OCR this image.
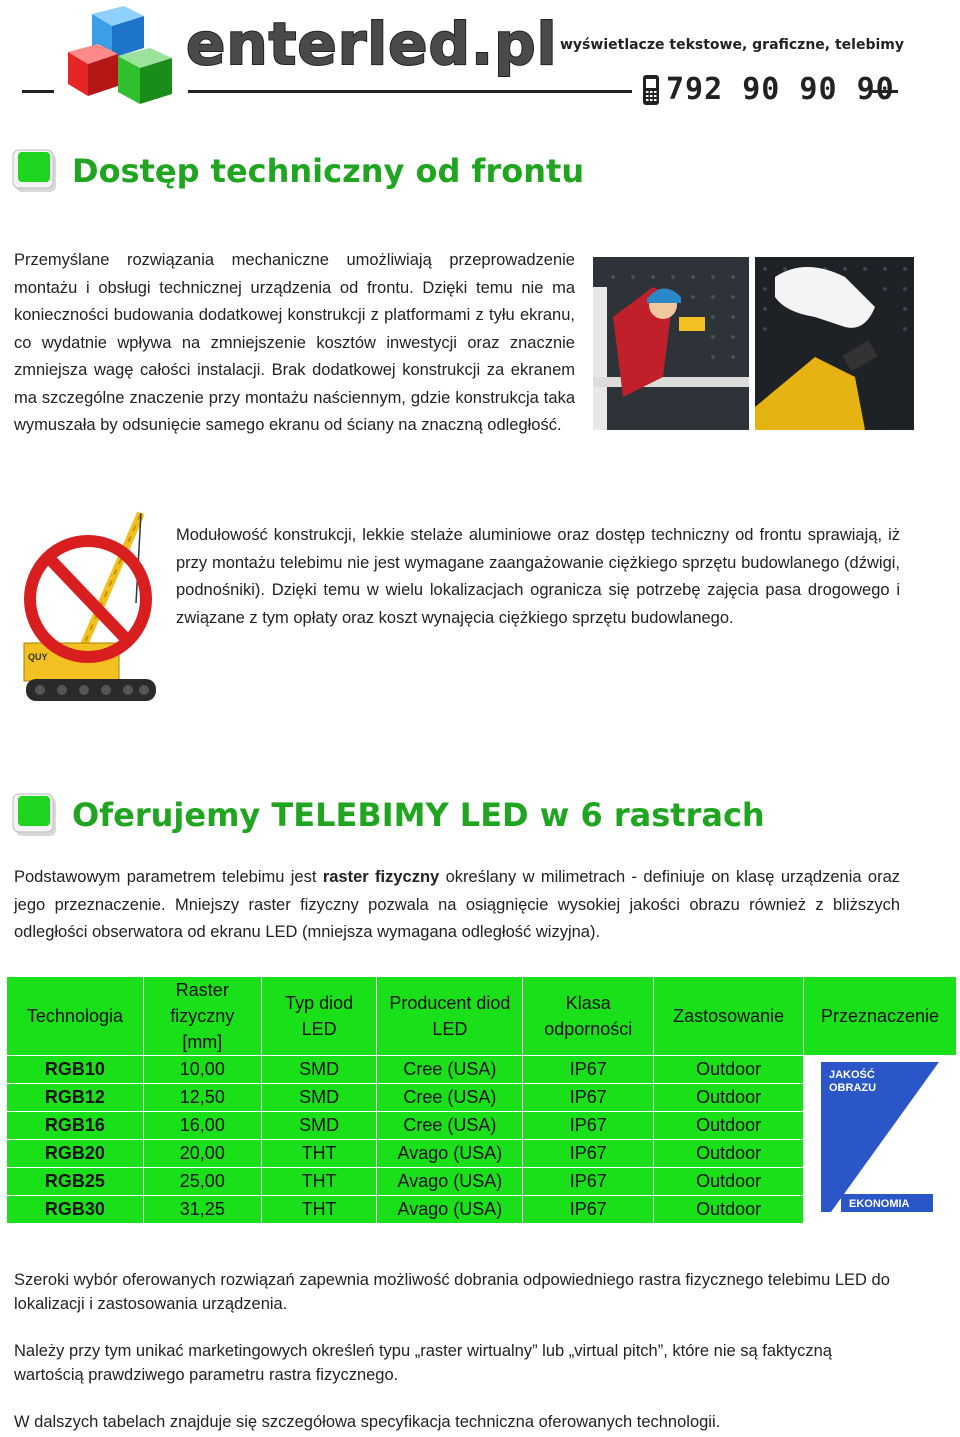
enterled.pl wyświetlacze tekstowe, graficzne, telebimy
792 90 90 90
Dostęp techniczny od frontu
Przemyślane rozwiązania mechaniczne umożliwiają przeprowadzenie montażu i obsługi technicznej urządzenia od frontu. Dzięki temu nie ma konieczności budowania dodatkowej konstrukcji z platformami z tyłu ekranu, co wydatnie wpływa na zmniejszenie kosztów inwestycji oraz znacznie zmniejsza wagę całości instalacji. Brak dodatkowej konstrukcji za ekranem ma szczególne znaczenie przy montażu naściennym, gdzie konstrukcja taka wymuszała by odsunięcie samego ekranu od ściany na znaczną odległość.
QUY
Modułowość konstrukcji, lekkie stelaże aluminiowe oraz dostęp techniczny od frontu sprawiają, iż przy montażu telebimu nie jest wymagane zaangażowanie ciężkiego sprzętu budowlanego (dźwigi, podnośniki). Dzięki temu w wielu lokalizacjach ogranicza się potrzebę zajęcia pasa drogowego i związane z tym opłaty oraz koszt wynajęcia ciężkiego sprzętu budowlanego.
Oferujemy TELEBIMY LED w 6 rastrach
Podstawowym parametrem telebimu jest raster fizyczny określany w milimetrach - definiuje on klasę urządzenia oraz jego przeznaczenie. Mniejszy raster fizyczny pozwala na osiągnięcie wysokiej jakości obrazu również z bliższych odległości obserwatora od ekranu LED (mniejsza wymagana odległość wizyjna).
Technologia	Raster fizyczny [mm]	Typ diod LED	Producent diod LED	Klasa odporności	Zastosowanie	Przeznaczenie
RGB10	10,00	SMD	Cree (USA)	IP67	Outdoor	JAKOŚĆ
OBRAZU
EKONOMIA

RGB12	12,50	SMD	Cree (USA)	IP67	Outdoor	
RGB16	16,00	SMD	Cree (USA)	IP67	Outdoor	
RGB20	20,00	THT	Avago (USA)	IP67	Outdoor	
RGB25	25,00	THT	Avago (USA)	IP67	Outdoor	
RGB30	31,25	THT	Avago (USA)	IP67	Outdoor	
Szeroki wybór oferowanych rozwiązań zapewnia możliwość dobrania odpowiedniego rastra fizycznego telebimu LED do lokalizacji i zastosowania urządzenia.
Należy przy tym unikać marketingowych określeń typu „raster wirtualny” lub „virtual pitch”, które nie są faktyczną wartością prawdziwego parametru rastra fizycznego.
W dalszych tabelach znajduje się szczegółowa specyfikacja techniczna oferowanych technologii.
